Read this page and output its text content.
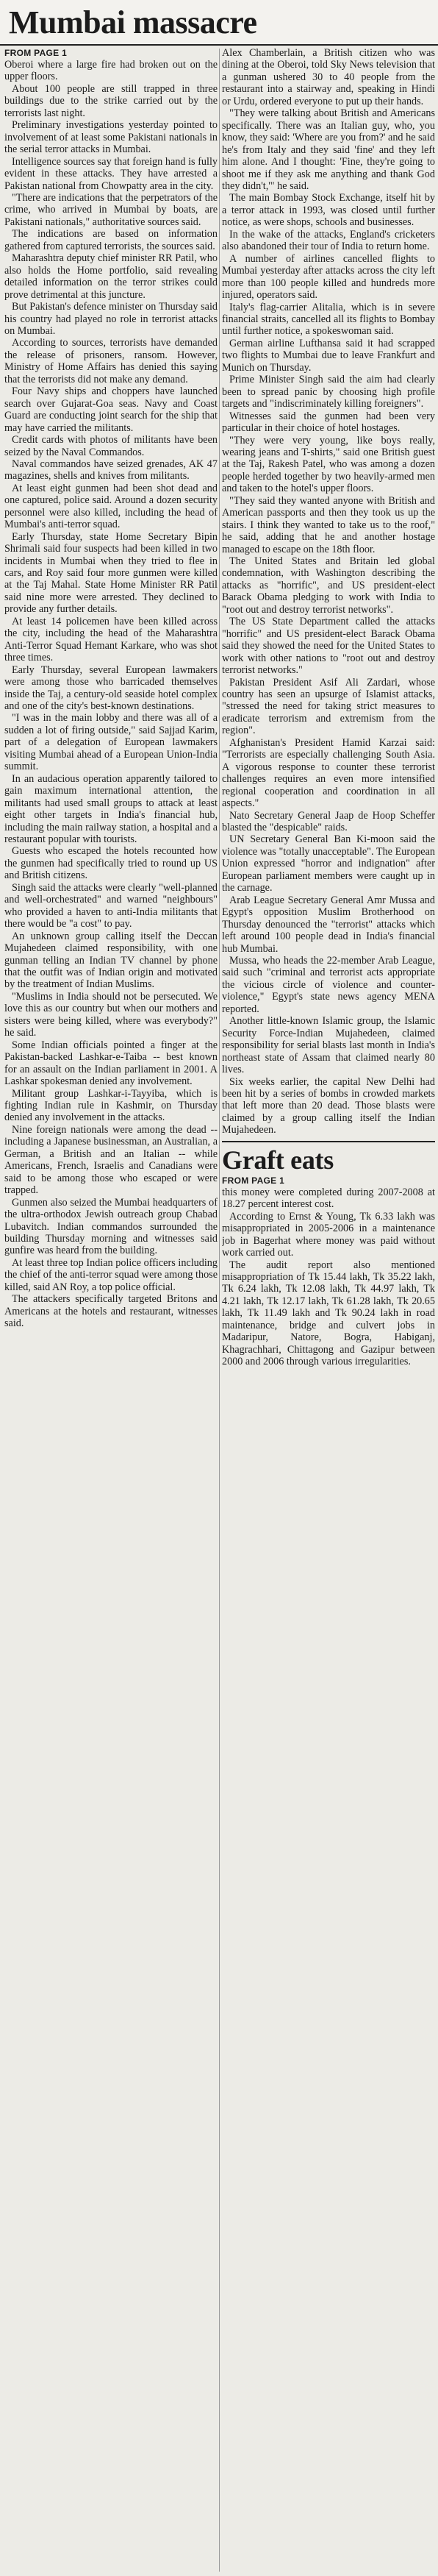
Mumbai massacre
FROM PAGE 1

Oberoi where a large fire had broken out on the upper floors.

About 100 people are still trapped in three buildings due to the strike carried out by the terrorists last night.

Preliminary investigations yesterday pointed to involvement of at least some Pakistani nationals in the serial terror attacks in Mumbai.

Intelligence sources say that foreign hand is fully evident in these attacks. They have arrested a Pakistan national from Chowpatty area in the city.

"There are indications that the perpetrators of the crime, who arrived in Mumbai by boats, are Pakistani nationals," authoritative sources said.

The indications are based on information gathered from captured terrorists, the sources said.

Maharashtra deputy chief minister RR Patil, who also holds the Home portfolio, said revealing detailed information on the terror strikes could prove detrimental at this juncture.

But Pakistan's defence minister on Thursday said his country had played no role in terrorist attacks on Mumbai.

According to sources, terrorists have demanded the release of prisoners, ransom. However, Ministry of Home Affairs has denied this saying that the terrorists did not make any demand.

Four Navy ships and choppers have launched search over Gujarat-Goa seas. Navy and Coast Guard are conducting joint search for the ship that may have carried the militants.

Credit cards with photos of militants have been seized by the Naval Commandos.

Naval commandos have seized grenades, AK 47 magazines, shells and knives from militants.

At least eight gunmen had been shot dead and one captured, police said. Around a dozen security personnel were also killed, including the head of Mumbai's anti-terror squad.

Early Thursday, state Home Secretary Bipin Shrimali said four suspects had been killed in two incidents in Mumbai when they tried to flee in cars, and Roy said four more gunmen were killed at the Taj Mahal. State Home Minister RR Patil said nine more were arrested. They declined to provide any further details.

At least 14 policemen have been killed across the city, including the head of the Maharashtra Anti-Terror Squad Hemant Karkare, who was shot three times.

Early Thursday, several European lawmakers were among those who barricaded themselves inside the Taj, a century-old seaside hotel complex and one of the city's best-known destinations.

"I was in the main lobby and there was all of a sudden a lot of firing outside," said Sajjad Karim, part of a delegation of European lawmakers visiting Mumbai ahead of a European Union-India summit.

In an audacious operation apparently tailored to gain maximum international attention, the militants had used small groups to attack at least eight other targets in India's financial hub, including the main railway station, a hospital and a restaurant popular with tourists.

Guests who escaped the hotels recounted how the gunmen had specifically tried to round up US and British citizens.

Singh said the attacks were clearly "well-planned and well-orchestrated" and warned "neighbours" who provided a haven to anti-India militants that there would be "a cost" to pay.

An unknown group calling itself the Deccan Mujahedeen claimed responsibility, with one gunman telling an Indian TV channel by phone that the outfit was of Indian origin and motivated by the treatment of Indian Muslims.

"Muslims in India should not be persecuted. We love this as our country but when our mothers and sisters were being killed, where was everybody?" he said.

Some Indian officials pointed a finger at the Pakistan-backed Lashkar-e-Taiba -- best known for an assault on the Indian parliament in 2001. A Lashkar spokesman denied any involvement.

Militant group Lashkar-i-Tayyiba, which is fighting Indian rule in Kashmir, on Thursday denied any involvement in the attacks.

Nine foreign nationals were among the dead -- including a Japanese businessman, an Australian, a German, a British and an Italian -- while Americans, French, Israelis and Canadians were said to be among those who escaped or were trapped.

Gunmen also seized the Mumbai headquarters of the ultra-orthodox Jewish outreach group Chabad Lubavitch. Indian commandos surrounded the building Thursday morning and witnesses said gunfire was heard from the building.

At least three top Indian police officers including the chief of the anti-terror squad were among those killed, said AN Roy, a top police official.

The attackers specifically targeted Britons and Americans at the hotels and restaurant, witnesses said.

Alex Chamberlain, a British citizen who was dining at the Oberoi, told Sky News television that a gunman ushered 30 to 40 people from the restaurant into a stairway and, speaking in Hindi or Urdu, ordered everyone to put up their hands.

"They were talking about British and Americans specifically. There was an Italian guy, who, you know, they said: 'Where are you from?' and he said he's from Italy and they said 'fine' and they left him alone. And I thought: 'Fine, they're going to shoot me if they ask me anything and thank God they didn't,'" he said.

The main Bombay Stock Exchange, itself hit by a terror attack in 1993, was closed until further notice, as were shops, schools and businesses.

In the wake of the attacks, England's cricketers also abandoned their tour of India to return home.

A number of airlines cancelled flights to Mumbai yesterday after attacks across the city left more than 100 people killed and hundreds more injured, operators said.

Italy's flag-carrier Alitalia, which is in severe financial straits, cancelled all its flights to Bombay until further notice, a spokeswoman said.

German airline Lufthansa said it had scrapped two flights to Mumbai due to leave Frankfurt and Munich on Thursday.

Prime Minister Singh said the aim had clearly been to spread panic by choosing high profile targets and "indiscriminately killing foreigners".

Witnesses said the gunmen had been very particular in their choice of hotel hostages.

"They were very young, like boys really, wearing jeans and T-shirts," said one British guest at the Taj, Rakesh Patel, who was among a dozen people herded together by two heavily-armed men and taken to the hotel's upper floors.

"They said they wanted anyone with British and American passports and then they took us up the stairs. I think they wanted to take us to the roof," he said, adding that he and another hostage managed to escape on the 18th floor.

The United States and Britain led global condemnation, with Washington describing the attacks as "horrific", and US president-elect Barack Obama pledging to work with India to "root out and destroy terrorist networks".

The US State Department called the attacks "horrific" and US president-elect Barack Obama said they showed the need for the United States to work with other nations to "root out and destroy terrorist networks."

Pakistan President Asif Ali Zardari, whose country has seen an upsurge of Islamist attacks, "stressed the need for taking strict measures to eradicate terrorism and extremism from the region".

Afghanistan's President Hamid Karzai said: "Terrorists are especially challenging South Asia. A vigorous response to counter these terrorist challenges requires an even more intensified regional cooperation and coordination in all aspects."

Nato Secretary General Jaap de Hoop Scheffer blasted the "despicable" raids.

UN Secretary General Ban Ki-moon said the violence was "totally unacceptable". The European Union expressed "horror and indignation" after European parliament members were caught up in the carnage.

Arab League Secretary General Amr Mussa and Egypt's opposition Muslim Brotherhood on Thursday denounced the "terrorist" attacks which left around 100 people dead in India's financial hub Mumbai.

Mussa, who heads the 22-member Arab League, said such "criminal and terrorist acts appropriate the vicious circle of violence and counter-violence," Egypt's state news agency MENA reported.

Another little-known Islamic group, the Islamic Security Force-Indian Mujahedeen, claimed responsibility for serial blasts last month in India's northeast state of Assam that claimed nearly 80 lives.

Six weeks earlier, the capital New Delhi had been hit by a series of bombs in crowded markets that left more than 20 dead. Those blasts were claimed by a group calling itself the Indian Mujahedeen.

Graft eats
FROM PAGE 1

this money were completed during 2007-2008 at 18.27 percent interest cost.

According to Ernst & Young, Tk 6.33 lakh was misappropriated in 2005-2006 in a maintenance job in Bagerhat where money was paid without work carried out.

The audit report also mentioned misappropriation of Tk 15.44 lakh, Tk 35.22 lakh, Tk 6.24 lakh, Tk 12.08 lakh, Tk 44.97 lakh, Tk 4.21 lakh, Tk 12.17 lakh, Tk 61.28 lakh, Tk 20.65 lakh, Tk 11.49 lakh and Tk 90.24 lakh in road maintenance, bridge and culvert jobs in Madaripur, Natore, Bogra, Habiganj, Khagrachhari, Chittagong and Gazipur between 2000 and 2006 through various irregularities.
